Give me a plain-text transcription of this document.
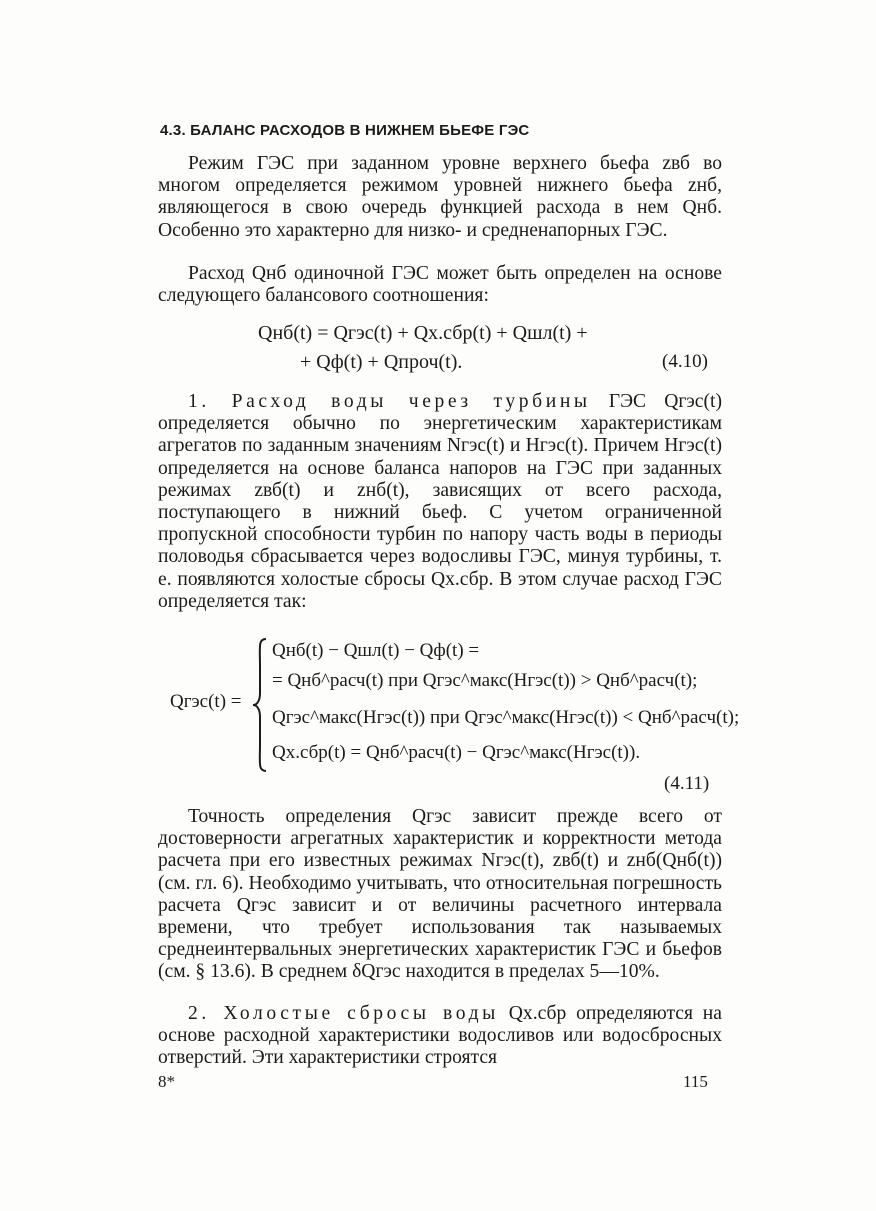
4.3. БАЛАНС РАСХОДОВ В НИЖНЕМ БЬЕФЕ ГЭС

Режим ГЭС при заданном уровне верхнего бьефа zвб во многом определяется режимом уровней нижнего бьефа zнб, являющегося в свою очередь функцией расхода в нем Qнб. Особенно это характерно для низко- и средненапорных ГЭС.

Расход Qнб одиночной ГЭС может быть определен на основе следующего балансового соотношения:

Qнб(t) = Qгэс(t) + Qх.сбр(t) + Qшл(t) +
+ Qф(t) + Qпроч(t).	(4.10)

1. Расход воды через турбины ГЭС Qгэс(t) определяется обычно по энергетическим характеристикам агрегатов по заданным значениям Nгэс(t) и Hгэс(t). Причем Hгэс(t) определяется на основе баланса напоров на ГЭС при заданных режимах zвб(t) и zнб(t), зависящих от всего расхода, поступающего в нижний бьеф. С учетом ограниченной пропускной способности турбин по напору часть воды в периоды половодья сбрасывается через водосливы ГЭС, минуя турбины, т. е. появляются холостые сбросы Qх.сбр. В этом случае расход ГЭС определяется так:

Qгэс(t) =
Qнб(t) − Qшл(t) − Qф(t) =
= Qнб^расч(t) при Qгэс^макс(Hгэс(t)) > Qнб^расч(t);
Qгэс^макс(Hгэс(t)) при Qгэс^макс(Hгэс(t)) < Qнб^расч(t);
Qх.сбр(t) = Qнб^расч(t) − Qгэс^макс(Hгэс(t)).
(4.11)

Точность определения Qгэс зависит прежде всего от достоверности агрегатных характеристик и корректности метода расчета при его известных режимах Nгэс(t), zвб(t) и zнб(Qнб(t)) (см. гл. 6). Необходимо учитывать, что относительная погрешность расчета Qгэс зависит и от величины расчетного интервала времени, что требует использования так называемых среднеинтервальных энергетических характеристик ГЭС и бьефов (см. § 13.6). В среднем δQгэс находится в пределах 5—10%.

2. Холостые сбросы воды Qх.сбр определяются на основе расходной характеристики водосливов или водосбросных отверстий. Эти характеристики строятся

8*	115
